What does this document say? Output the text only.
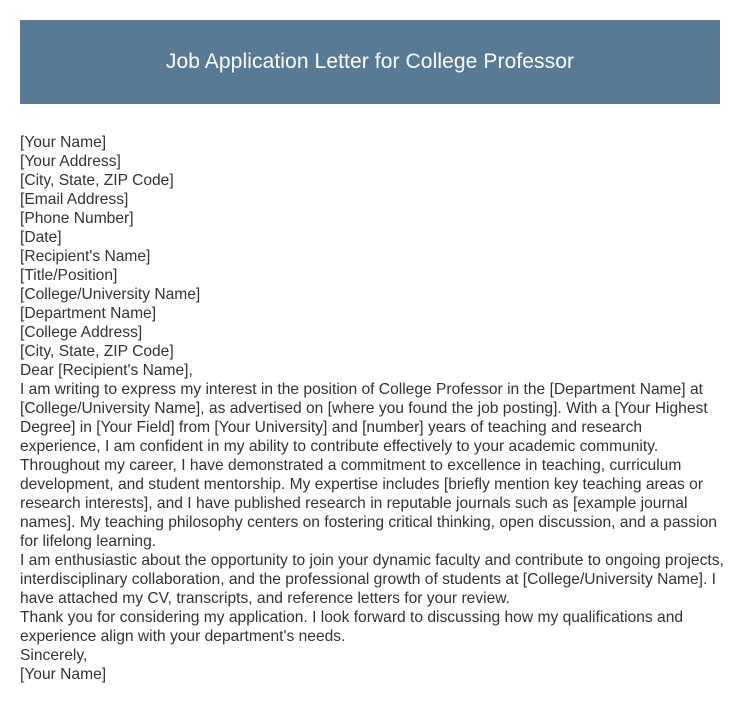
Job Application Letter for College Professor
[Your Name]
[Your Address]
[City, State, ZIP Code]
[Email Address]
[Phone Number]
[Date]
[Recipient's Name]
[Title/Position]
[College/University Name]
[Department Name]
[College Address]
[City, State, ZIP Code]
Dear [Recipient's Name],
I am writing to express my interest in the position of College Professor in the [Department Name] at [College/University Name], as advertised on [where you found the job posting]. With a [Your Highest Degree] in [Your Field] from [Your University] and [number] years of teaching and research experience, I am confident in my ability to contribute effectively to your academic community.
Throughout my career, I have demonstrated a commitment to excellence in teaching, curriculum development, and student mentorship. My expertise includes [briefly mention key teaching areas or research interests], and I have published research in reputable journals such as [example journal names]. My teaching philosophy centers on fostering critical thinking, open discussion, and a passion for lifelong learning.
I am enthusiastic about the opportunity to join your dynamic faculty and contribute to ongoing projects, interdisciplinary collaboration, and the professional growth of students at [College/University Name]. I have attached my CV, transcripts, and reference letters for your review.
Thank you for considering my application. I look forward to discussing how my qualifications and experience align with your department's needs.
Sincerely,
[Your Name]
